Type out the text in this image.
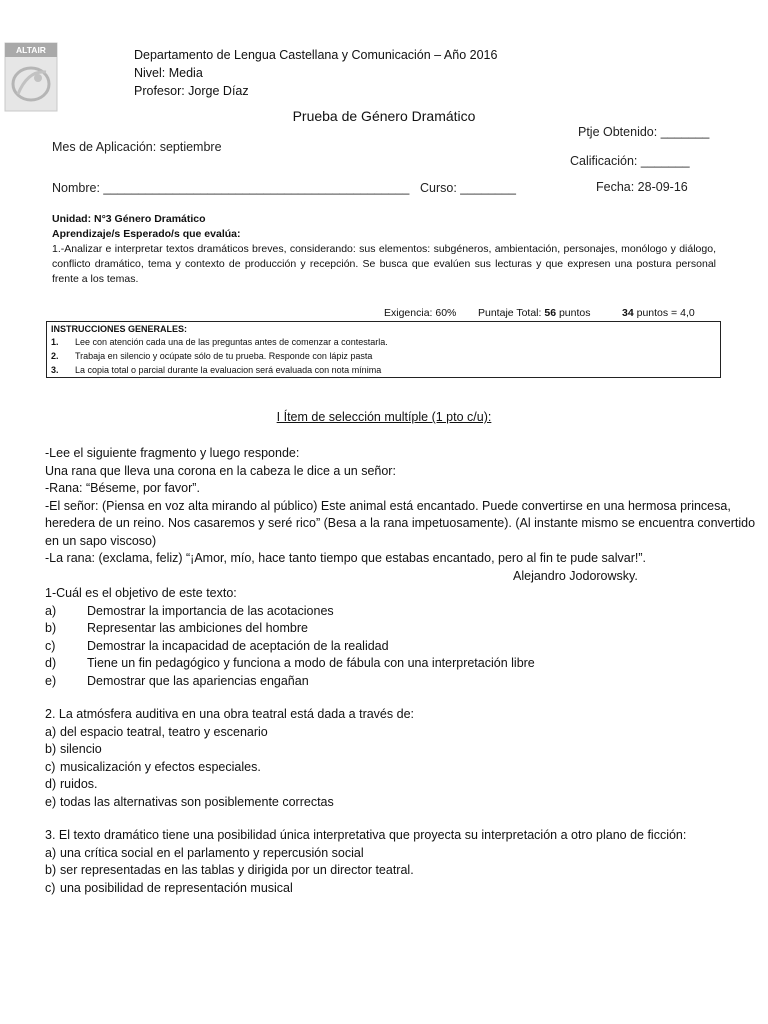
ALTAIR	Departamento de Lengua Castellana y Comunicación – Año 2016
Nivel: Media
Profesor: Jorge Díaz
Prueba de Género Dramático
Ptje Obtenido: _______
Mes de Aplicación: septiembre
Calificación: _______
Nombre: ____________________________________________ Curso: ________	Fecha: 28-09-16
Unidad: N°3 Género Dramático
Aprendizaje/s Esperado/s que evalúa:
1.-Analizar e interpretar textos dramáticos breves, considerando: sus elementos: subgéneros, ambientación, personajes, monólogo y diálogo, conflicto dramático, tema y contexto de producción y recepción. Se busca que evalúen sus lecturas y que expresen una postura personal frente a los temas.
Exigencia: 60% Puntaje Total: 56 puntos	34 puntos = 4,0
INSTRUCCIONES GENERALES:
1.	Lee con atención cada una de las preguntas antes de comenzar a contestarla.
2.	Trabaja en silencio y ocúpate sólo de tu prueba. Responde con lápiz pasta
3.	La copia total o parcial durante la evaluacion será evaluada con nota mínima
I Ítem de selección multíple (1 pto c/u):
-Lee el siguiente fragmento y luego responde:
Una rana que lleva una corona en la cabeza le dice a un señor:
-Rana: “Béseme, por favor”.
-El señor: (Piensa en voz alta mirando al público) Este animal está encantado. Puede convertirse en una hermosa princesa, heredera de un reino. Nos casaremos y seré rico” (Besa a la rana impetuosamente). (Al instante mismo se encuentra convertido en un sapo viscoso)
-La rana: (exclama, feliz) “¡Amor, mío, hace tanto tiempo que estabas encantado, pero al fin te pude salvar!”.
Alejandro Jodorowsky.
1-Cuál es el objetivo de este texto:
a)	Demostrar la importancia de las acotaciones
b)	Representar las ambiciones del hombre
c)	Demostrar la incapacidad de aceptación de la realidad
d)	Tiene un fin pedagógico y funciona a modo de fábula con una interpretación libre
e)	Demostrar que las apariencias engañan
2. La atmósfera auditiva en una obra teatral está dada a través de:
a) del espacio teatral, teatro y escenario
b) silencio
c) musicalización y efectos especiales.
d) ruidos.
e) todas las alternativas son posiblemente correctas
3. El texto dramático tiene una posibilidad única interpretativa que proyecta su interpretación a otro plano de ficción:
a) una crítica social en el parlamento y repercusión social
b) ser representadas en las tablas y dirigida por un director teatral.
c) una posibilidad de representación musical
